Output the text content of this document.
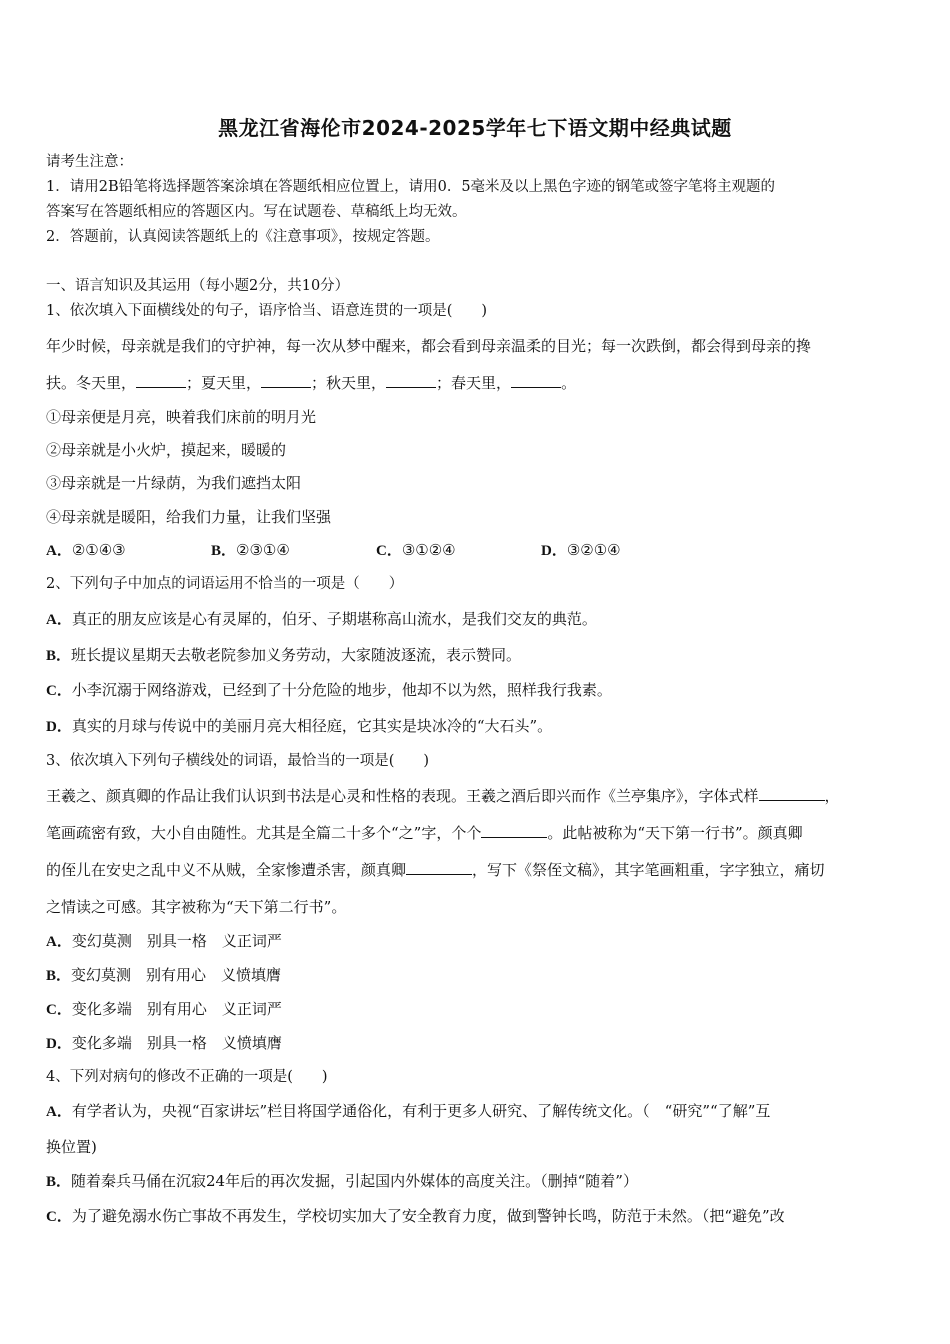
黑龙江省海伦市2024-2025学年七下语文期中经典试题
请考生注意：
1．请用2B铅笔将选择题答案涂填在答题纸相应位置上，请用0．5毫米及以上黑色字迹的钢笔或签字笔将主观题的
答案写在答题纸相应的答题区内。写在试题卷、草稿纸上均无效。
2．答题前，认真阅读答题纸上的《注意事项》，按规定答题。
一、语言知识及其运用（每小题2分，共10分）
1、依次填入下面横线处的句子，语序恰当、语意连贯的一项是(　　)
年少时候，母亲就是我们的守护神，每一次从梦中醒来，都会看到母亲温柔的目光；每一次跌倒，都会得到母亲的搀
扶。冬天里，	；夏天里，	；秋天里，	；春天里，	。
①母亲便是月亮，映着我们床前的明月光
②母亲就是小火炉，摸起来，暖暖的
③母亲就是一片绿荫，为我们遮挡太阳
④母亲就是暖阳，给我们力量，让我们坚强
A．②①④③	B．②③①④	C．③①②④	D．③②①④
2、下列句子中加点的词语运用不恰当的一项是（　　）
A．真正的朋友应该是心有灵犀的，伯牙、子期堪称高山流水，是我们交友的典范。
B．班长提议星期天去敬老院参加义务劳动，大家随波逐流，表示赞同。
C．小李沉溺于网络游戏，已经到了十分危险的地步，他却不以为然，照样我行我素。
D．真实的月球与传说中的美丽月亮大相径庭，它其实是块冰冷的“大石头”。
3、依次填入下列句子横线处的词语，最恰当的一项是(　　)
王羲之、颜真卿的作品让我们认识到书法是心灵和性格的表现。王羲之酒后即兴而作《兰亭集序》，字体式样	，
笔画疏密有致，大小自由随性。尤其是全篇二十多个“之”字，个个	。此帖被称为“天下第一行书”。颜真卿
的侄儿在安史之乱中义不从贼，全家惨遭杀害，颜真卿	，写下《祭侄文稿》，其字笔画粗重，字字独立，痛切
之情读之可感。其字被称为“天下第二行书”。
A．变幻莫测　别具一格　义正词严
B．变幻莫测　别有用心　义愤填膺
C．变化多端　别有用心　义正词严
D．变化多端　别具一格　义愤填膺
4、下列对病句的修改不正确的一项是(　　)
A．有学者认为，央视“百家讲坛”栏目将国学通俗化，有利于更多人研究、了解传统文化。（　“研究”“了解”互
换位置)
B．随着秦兵马俑在沉寂24年后的再次发掘，引起国内外媒体的高度关注。（删掉“随着”）
C．为了避免溺水伤亡事故不再发生，学校切实加大了安全教育力度，做到警钟长鸣，防范于未然。（把“避免”改
